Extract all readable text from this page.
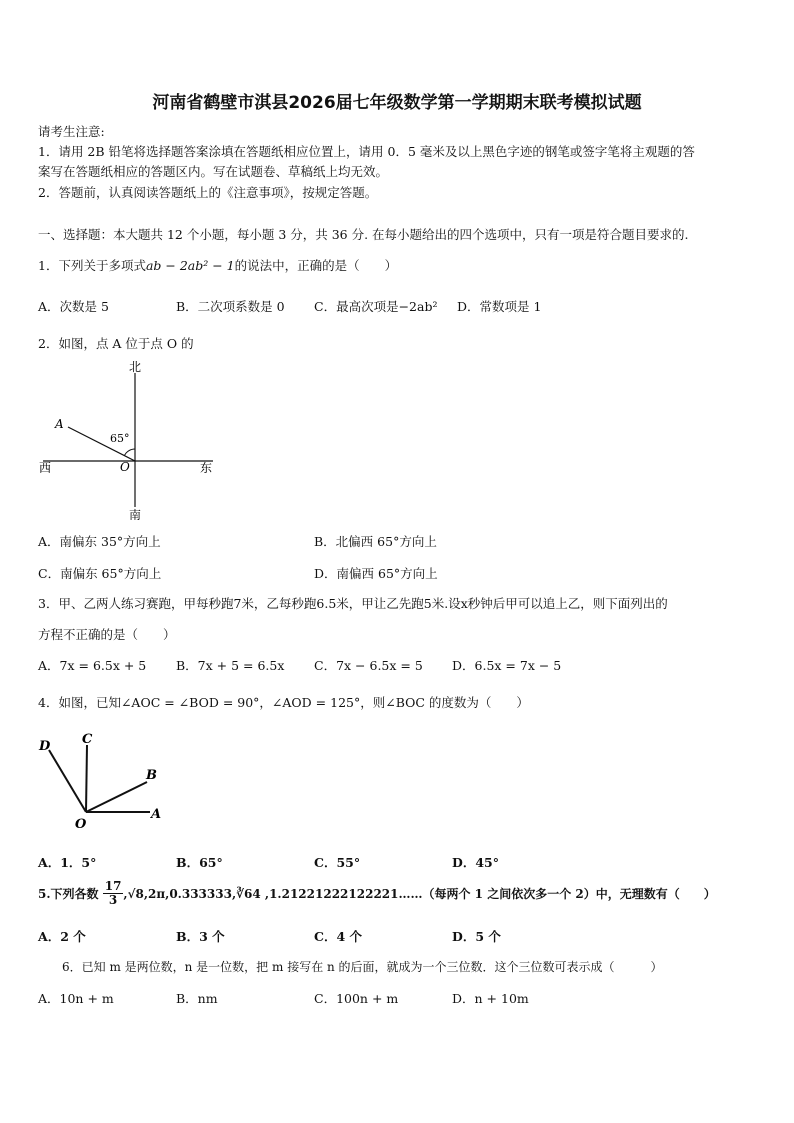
河南省鹤壁市淇县2026届七年级数学第一学期期末联考模拟试题
请考生注意:
1．请用 2B 铅笔将选择题答案涂填在答题纸相应位置上，请用 0．5 毫米及以上黑色字迹的钢笔或签字笔将主观题的答
案写在答题纸相应的答题区内。写在试题卷、草稿纸上均无效。
2．答题前，认真阅读答题纸上的《注意事项》，按规定答题。
一、选择题：本大题共 12 个小题，每小题 3 分，共 36 分. 在每小题给出的四个选项中，只有一项是符合题目要求的.
1．下列关于多项式ab − 2ab² − 1的说法中，正确的是（　　）
A．次数是 5	B．二次项系数是 0 C．最高次项是−2ab² D．常数项是 1
2．如图，点 A 位于点 O 的
北
南
西	东
A
O
65°
A．南偏东 35°方向上	B．北偏西 65°方向上
C．南偏东 65°方向上	D．南偏西 65°方向上
3．甲、乙两人练习赛跑，甲每秒跑7米，乙每秒跑6.5米，甲让乙先跑5米.设x秒钟后甲可以追上乙，则下面列出的
方程不正确的是（　　）
A．7x = 6.5x + 5 B．7x + 5 = 6.5x C．7x − 6.5x = 5 D．6.5x = 7x − 5
4．如图，已知∠AOC = ∠BOD = 90°，∠AOD = 125°，则∠BOC 的度数为（　　）
D C
B
O
A
A．1．5°	B．65°	C．55°	D．45°
5.下列各数 $\frac{17}{3}$ ,√8,2π,0.333333,∛64 ,1.21221222122221……（每两个 1 之间依次多一个 2）中，无理数有（　　）
A．2 个	B．3 个	C．4 个	D．5 个
6．已知 m 是两位数，n 是一位数，把 m 接写在 n 的后面，就成为一个三位数．这个三位数可表示成（　　　）
A．10n + m	B．nm	C．100n + m	D．n + 10m
